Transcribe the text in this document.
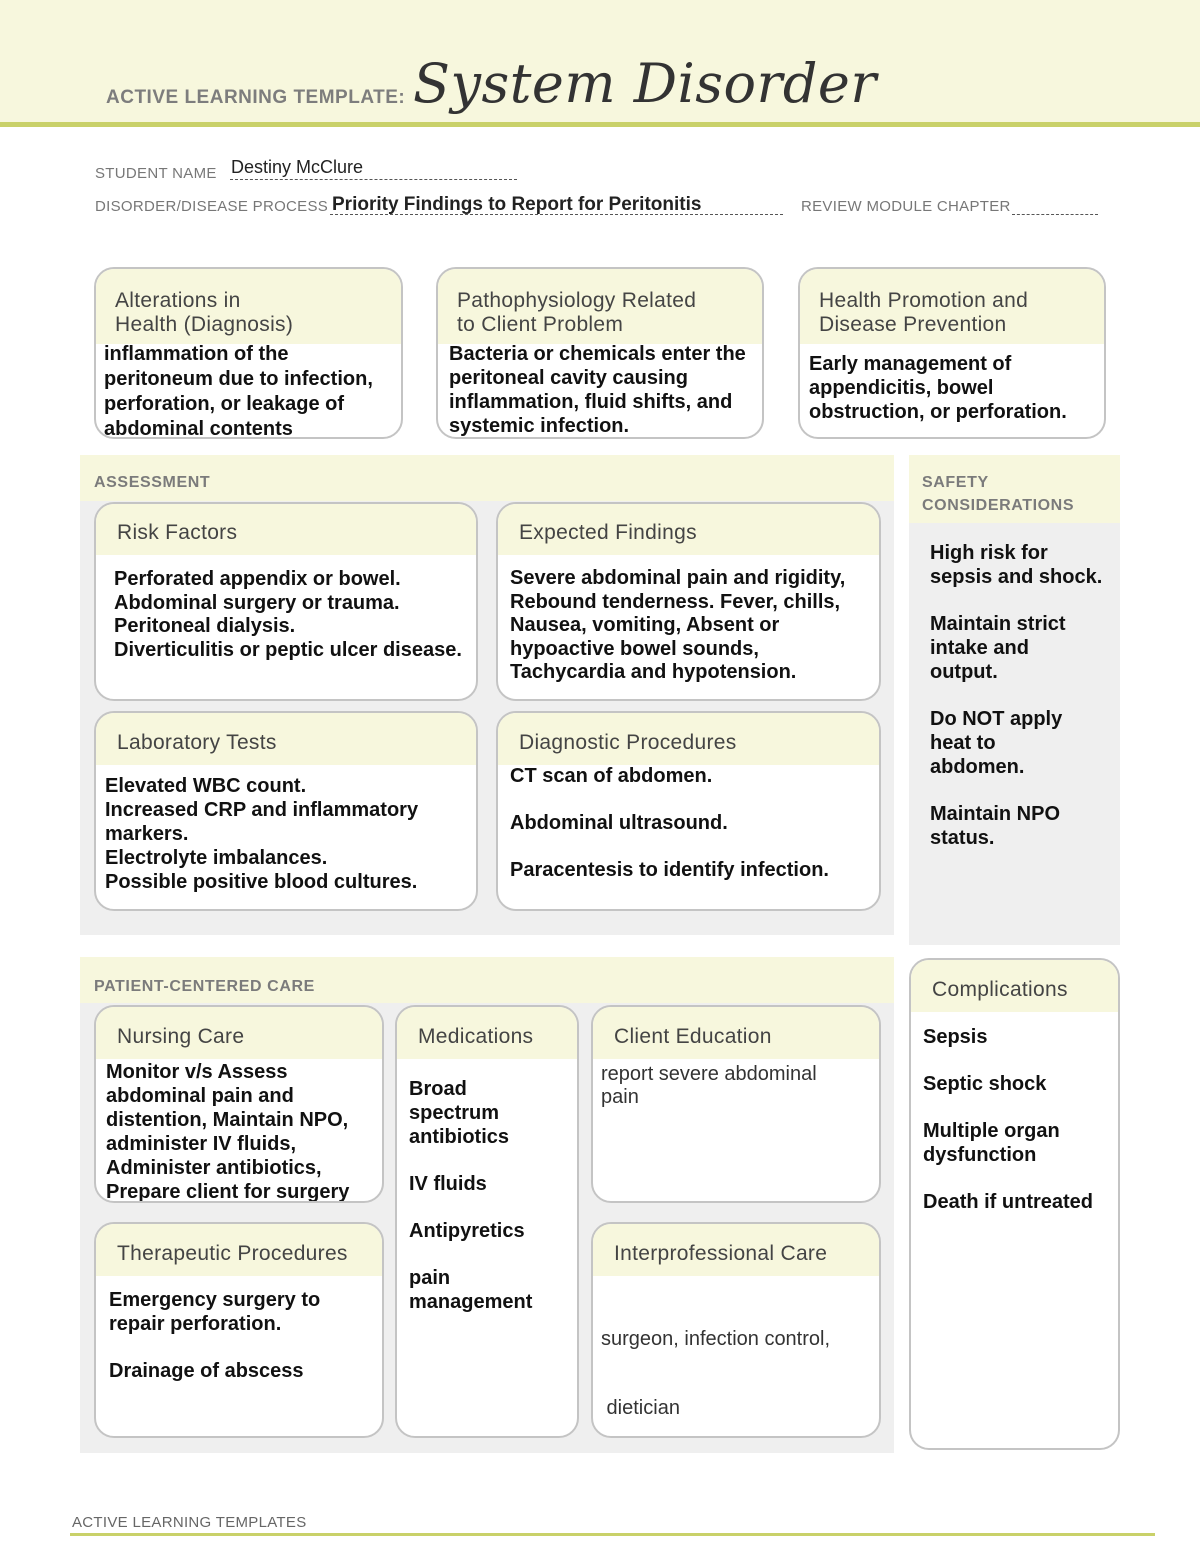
ACTIVE LEARNING TEMPLATE: System Disorder
STUDENT NAME Destiny McClure
DISORDER/DISEASE PROCESS Priority Findings to Report for Peritonitis	REVIEW MODULE CHAPTER
Alterations in
Health (Diagnosis)
inflammation of the
peritoneum due to infection,
perforation, or leakage of
abdominal contents
Pathophysiology Related
to Client Problem
Bacteria or chemicals enter the
peritoneal cavity causing
inflammation, fluid shifts, and
systemic infection.
Health Promotion and
Disease Prevention
Early management of
appendicitis, bowel
obstruction, or perforation.
ASSESSMENT
Risk Factors
Perforated appendix or bowel.
Abdominal surgery or trauma.
Peritoneal dialysis.
Diverticulitis or peptic ulcer disease.
Expected Findings
Severe abdominal pain and rigidity,
Rebound tenderness. Fever, chills,
Nausea, vomiting, Absent or
hypoactive bowel sounds,
Tachycardia and hypotension.
Laboratory Tests
Elevated WBC count.
Increased CRP and inflammatory
markers.
Electrolyte imbalances.
Possible positive blood cultures.
Diagnostic Procedures
CT scan of abdomen.
Abdominal ultrasound.
Paracentesis to identify infection.
SAFETY
CONSIDERATIONS
High risk for
sepsis and shock.
Maintain strict
intake and
output.
Do NOT apply
heat to
abdomen.
Maintain NPO
status.
PATIENT-CENTERED CARE
Nursing Care
Monitor v/s Assess
abdominal pain and
distention, Maintain NPO,
administer IV fluids,
Administer antibiotics,
Prepare client for surgery
Medications
Broad
spectrum
antibiotics
IV fluids
Antipyretics
pain
management
Client Education
report severe abdominal
pain
Therapeutic Procedures
Emergency surgery to
repair perforation.
Drainage of abscess
Interprofessional Care

surgeon, infection control,

dietician

Complications
Sepsis
Septic shock
Multiple organ
dysfunction
Death if untreated
ACTIVE LEARNING TEMPLATES
